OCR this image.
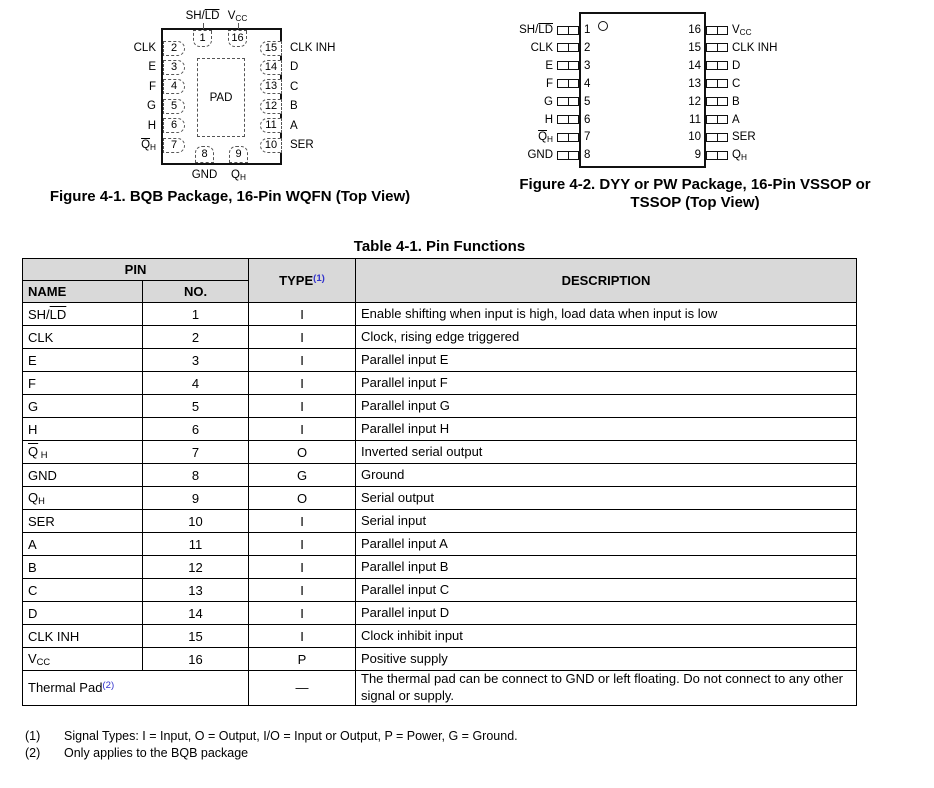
PAD
Figure 4-1. BQB Package, 16-Pin WQFN (Top View)
1
$SH/\overline{LD}$
16
$V_{CC}$
2
CLK
3
E
4
F
5
G
6
H
7
$\overline{Q}_H$
15 CLK INH
14 D
13 C
12 B
11 A
10 SER
8
GND
9
$Q_H$	Figure 4-2. DYY or PW Package, 16-Pin VSSOP or
TSSOP (Top View)
$SH/\overline{LD}$	1
CLK	2
E	3
F	4
G	5
H	6
$\overline{Q}_H$	7
GND	8
16	$V_{CC}$
15	CLK INH
14	D
13	C
12	B
11	A
10	SER
9	$Q_H$
Table 4-1. Pin Functions
PIN		TYPE$^{(1)}$	DESCRIPTION
NAME	NO.		
$SH/\overline{LD}$	1	I	Enable shifting when input is high, load data when input is low
CLK	2	I	Clock, rising edge triggered
E	3	I	Parallel input E
F	4	I	Parallel input F
G	5	I	Parallel input G
H	6	I	Parallel input H
$\overline{Q}$ $_H$	7	O	Inverted serial output
GND	8	G	Ground
$Q_H$	9	O	Serial output
SER	10	I	Serial input
A	11	I	Parallel input A
B	12	I	Parallel input B
C	13	I	Parallel input C
D	14	I	Parallel input D
CLK INH	15	I	Clock inhibit input
$V_{CC}$	16	P	Positive supply
Thermal Pad$^{(2)}$		—	The thermal pad can be connect to GND or left floating. Do not connect to any other signal or supply.
(1)	Signal Types: I = Input, O = Output, I/O = Input or Output, P = Power, G = Ground.
(2)	Only applies to the BQB package
